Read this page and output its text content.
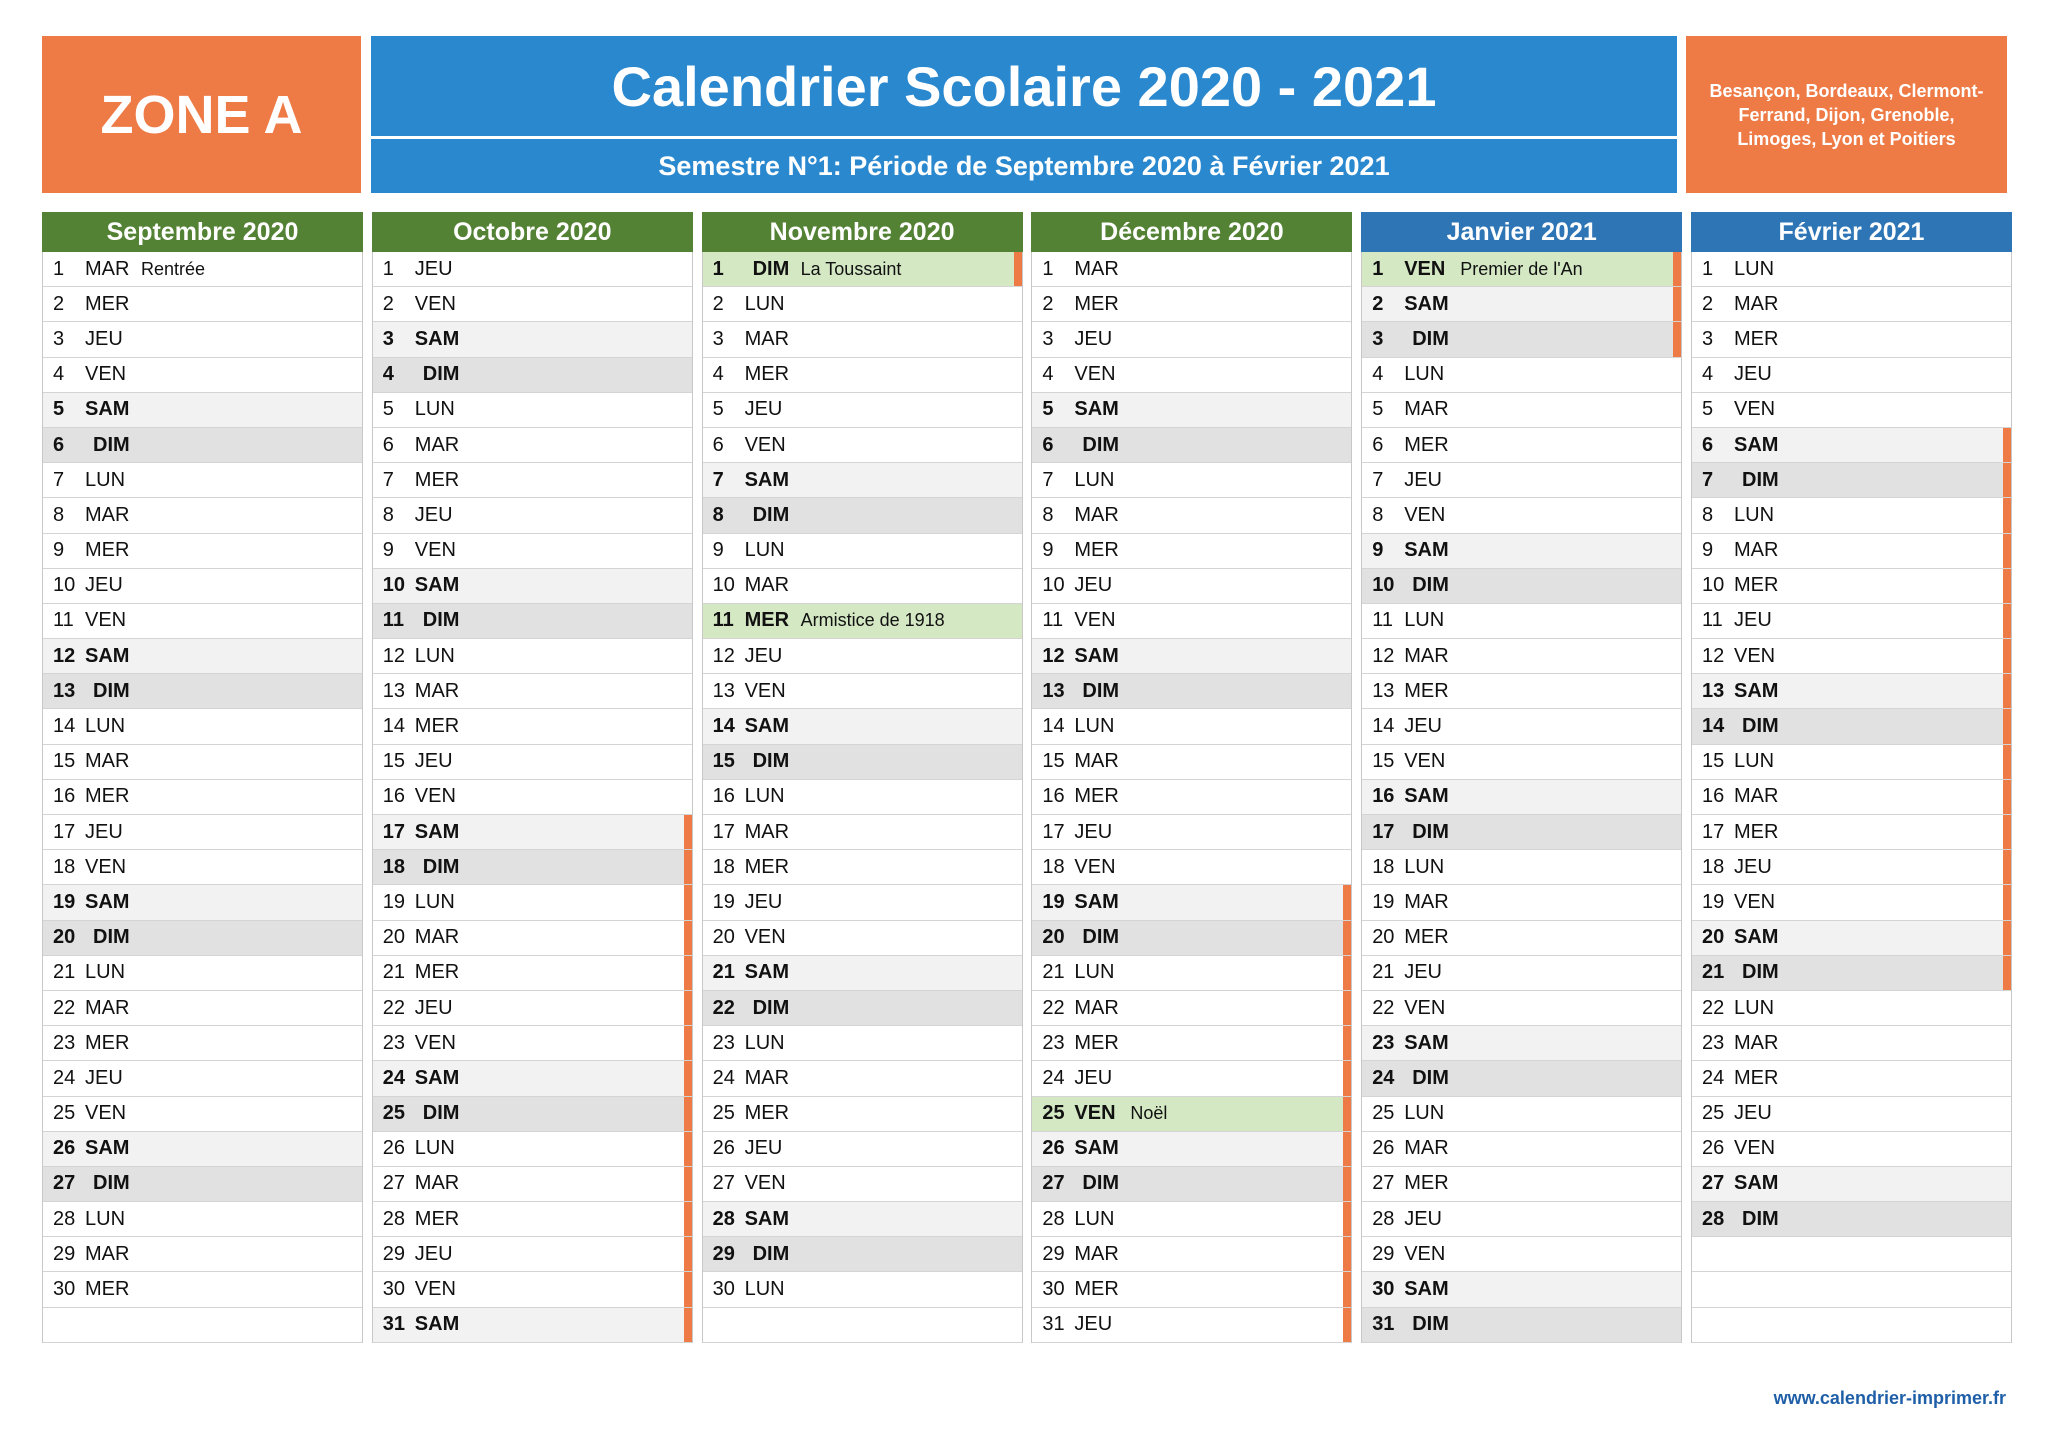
ZONE A	Calendrier Scolaire 2020 - 2021
Semestre N°1: Période de Septembre 2020 à Février 2021
Besançon, Bordeaux, Clermont-Ferrand, Dijon, Grenoble, Limoges, Lyon et Poitiers
Septembre 2020
1	MAR Rentrée
2	MER
3	JEU
4	VEN
5	SAM
6	DIM
7	LUN
8	MAR
9	MER
10 JEU
11 VEN
12 SAM
13 DIM
14 LUN
15 MAR
16 MER
17 JEU
18 VEN
19 SAM
20 DIM
21 LUN
22 MAR
23 MER
24 JEU
25 VEN
26 SAM
27 DIM
28 LUN
29 MAR
30 MER
Octobre 2020
1	JEU
2	VEN
3	SAM
4	DIM
5	LUN
6	MAR
7	MER
8	JEU
9	VEN
10 SAM
11 DIM
12 LUN
13 MAR
14 MER
15 JEU
16 VEN
17 SAM
18 DIM
19 LUN
20 MAR
21 MER
22 JEU
23 VEN
24 SAM
25 DIM
26 LUN
27 MAR
28 MER
29 JEU
30 VEN
31 SAM
Novembre 2020
1	DIM La Toussaint
2	LUN
3	MAR
4	MER
5	JEU
6	VEN
7	SAM
8	DIM
9	LUN
10 MAR
11 MER Armistice de 1918
12 JEU
13 VEN
14 SAM
15 DIM
16 LUN
17 MAR
18 MER
19 JEU
20 VEN
21 SAM
22 DIM
23 LUN
24 MAR
25 MER
26 JEU
27 VEN
28 SAM
29 DIM
30 LUN
Décembre 2020
1	MAR
2	MER
3	JEU
4	VEN
5	SAM
6	DIM
7	LUN
8	MAR
9	MER
10 JEU
11 VEN
12 SAM
13 DIM
14 LUN
15 MAR
16 MER
17 JEU
18 VEN
19 SAM
20 DIM
21 LUN
22 MAR
23 MER
24 JEU
25 VEN Noël
26 SAM
27 DIM
28 LUN
29 MAR
30 MER
31 JEU
Janvier 2021
1	VEN Premier de l'An
2	SAM
3	DIM
4	LUN
5	MAR
6	MER
7	JEU
8	VEN
9	SAM
10 DIM
11 LUN
12 MAR
13 MER
14 JEU
15 VEN
16 SAM
17 DIM
18 LUN
19 MAR
20 MER
21 JEU
22 VEN
23 SAM
24 DIM
25 LUN
26 MAR
27 MER
28 JEU
29 VEN
30 SAM
31 DIM
Février 2021
1	LUN
2	MAR
3	MER
4	JEU
5	VEN
6	SAM
7	DIM
8	LUN
9	MAR
10 MER
11 JEU
12 VEN
13 SAM
14 DIM
15 LUN
16 MAR
17 MER
18 JEU
19 VEN
20 SAM
21 DIM
22 LUN
23 MAR
24 MER
25 JEU
26 VEN
27 SAM
28 DIM
www.calendrier-imprimer.fr
